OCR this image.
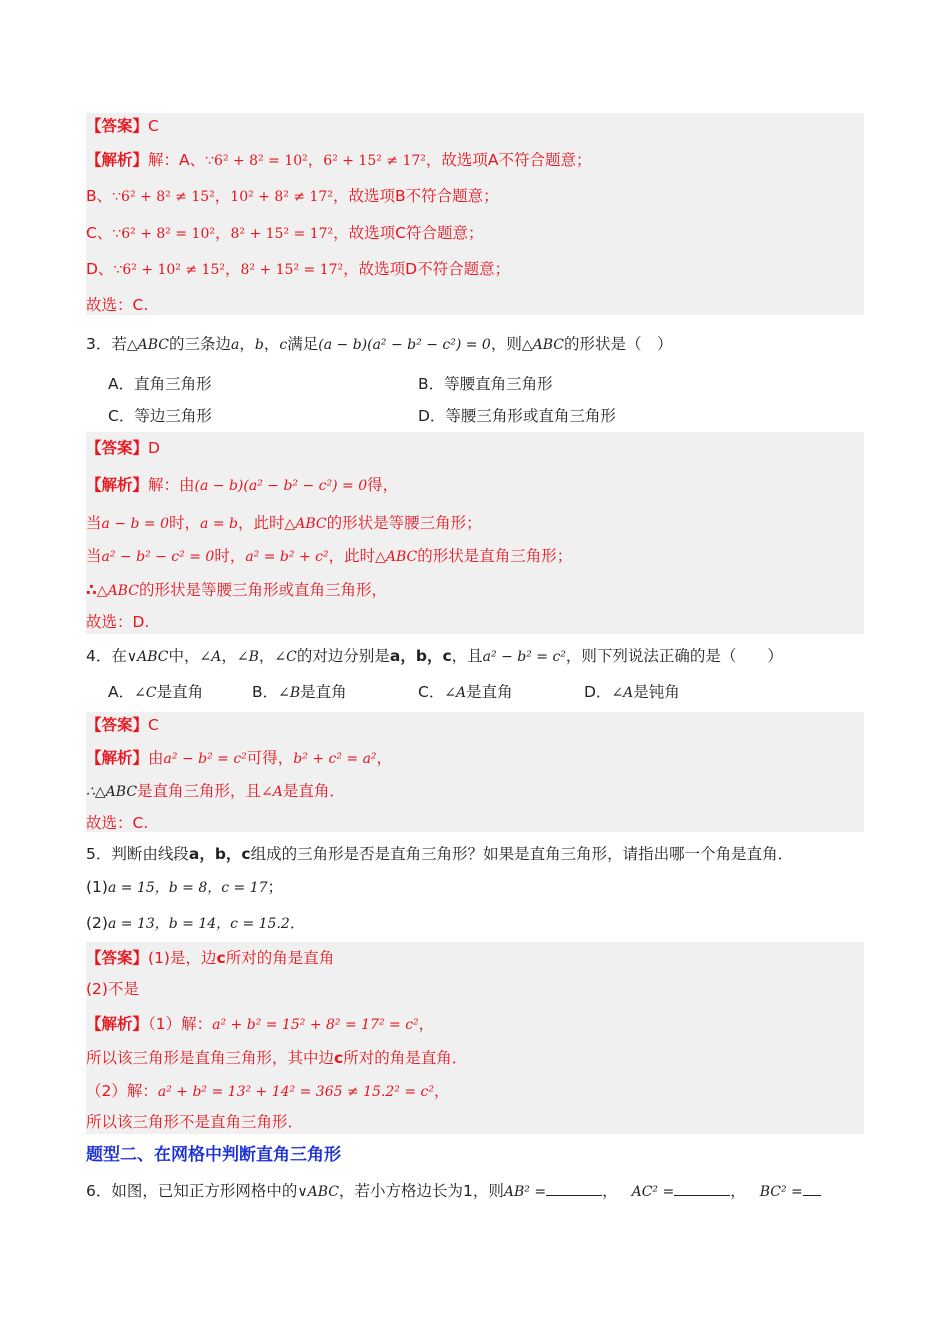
【答案】C
【解析】解：A、∵6² + 8² = 10²，6² + 15² ≠ 17²，故选项A不符合题意；
B、∵6² + 8² ≠ 15²，10² + 8² ≠ 17²，故选项B不符合题意；
C、∵6² + 8² = 10²，8² + 15² = 17²，故选项C符合题意；
D、∵6² + 10² ≠ 15²，8² + 15² = 17²，故选项D不符合题意；
故选：C.
3．若△ABC的三条边a，b，c满足(a − b)(a² − b² − c²) = 0，则△ABC的形状是（　）
A．直角三角形	B．等腰直角三角形
C．等边三角形	D．等腰三角形或直角三角形
【答案】D
【解析】解：由(a − b)(a² − b² − c²) = 0得，
当a − b = 0时，a = b，此时△ABC的形状是等腰三角形；
当a² − b² − c² = 0时，a² = b² + c²，此时△ABC的形状是直角三角形；
∴△ABC的形状是等腰三角形或直角三角形，
故选：D.
4．在∨ABC中，∠A，∠B，∠C的对边分别是a，b，c，且a² − b² = c²，则下列说法正确的是（　　）
A．∠C是直角	B．∠B是直角	C．∠A是直角	D．∠A是钝角
【答案】C
【解析】由a² − b² = c²可得，b² + c² = a²，
∴△ABC是直角三角形，且∠A是直角．
故选：C.
5．判断由线段a，b，c组成的三角形是否是直角三角形？如果是直角三角形，请指出哪一个角是直角．
(1)a = 15，b = 8，c = 17；
(2)a = 13，b = 14，c = 15.2．
【答案】(1)是，边c所对的角是直角
(2)不是
【解析】（1）解：a² + b² = 15² + 8² = 17² = c²，
所以该三角形是直角三角形，其中边c所对的角是直角．
（2）解：a² + b² = 13² + 14² = 365 ≠ 15.2² = c²，
所以该三角形不是直角三角形．
题型二、在网格中判断直角三角形
6．如图，已知正方形网格中的∨ABC，若小方格边长为1，则AB² =	， AC² =	， BC² =
